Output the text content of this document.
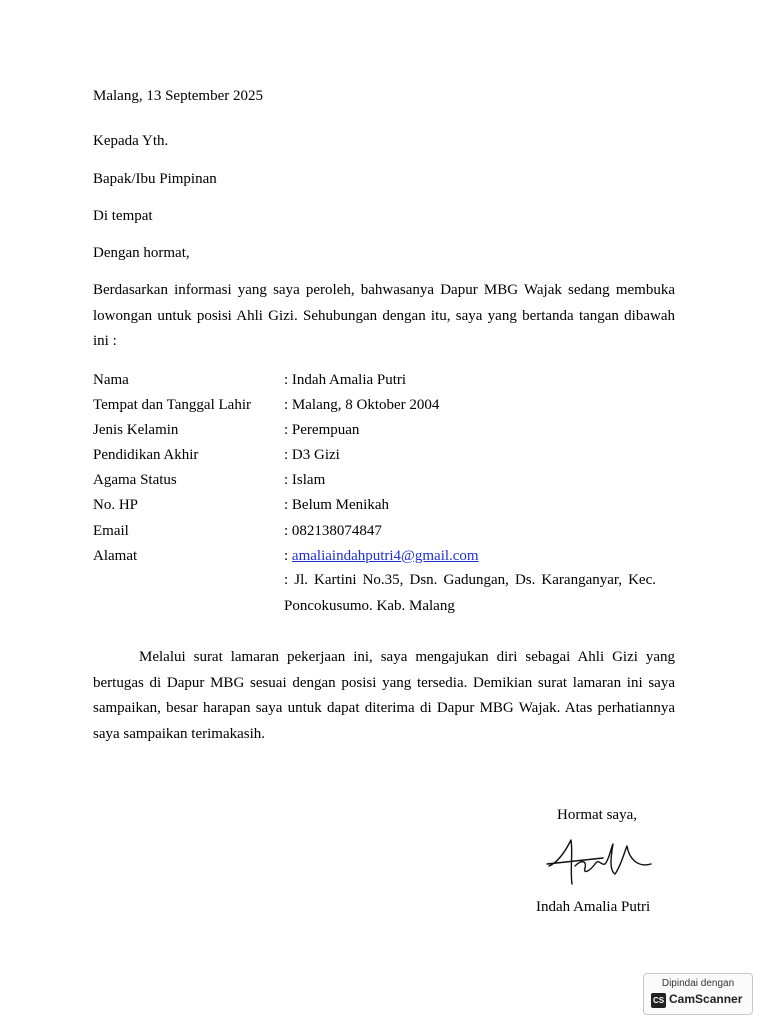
Malang, 13 September 2025
Kepada Yth.
Bapak/Ibu Pimpinan
Di tempat
Dengan hormat,
Berdasarkan informasi yang saya peroleh, bahwasanya Dapur MBG Wajak sedang membuka lowongan untuk posisi Ahli Gizi. Sehubungan dengan itu, saya yang bertanda tangan dibawah ini :
Nama	: Indah Amalia Putri
Tempat dan Tanggal Lahir : Malang, 8 Oktober 2004
Jenis Kelamin	: Perempuan
Pendidikan Akhir	: D3 Gizi
Agama Status	: Islam
No. HP	: Belum Menikah
Email	: 082138074847
Alamat	: amaliaindahputri4@gmail.com
: Jl. Kartini No.35, Dsn. Gadungan, Ds. Karanganyar, Kec. Poncokusumo. Kab. Malang
Melalui surat lamaran pekerjaan ini, saya mengajukan diri sebagai Ahli Gizi yang bertugas di Dapur MBG sesuai dengan posisi yang tersedia. Demikian surat lamaran ini saya sampaikan, besar harapan saya untuk dapat diterima di Dapur MBG Wajak. Atas perhatiannya saya sampaikan terimakasih.
Hormat saya,
Indah Amalia Putri
Dipindai dengan
CS CamScanner
